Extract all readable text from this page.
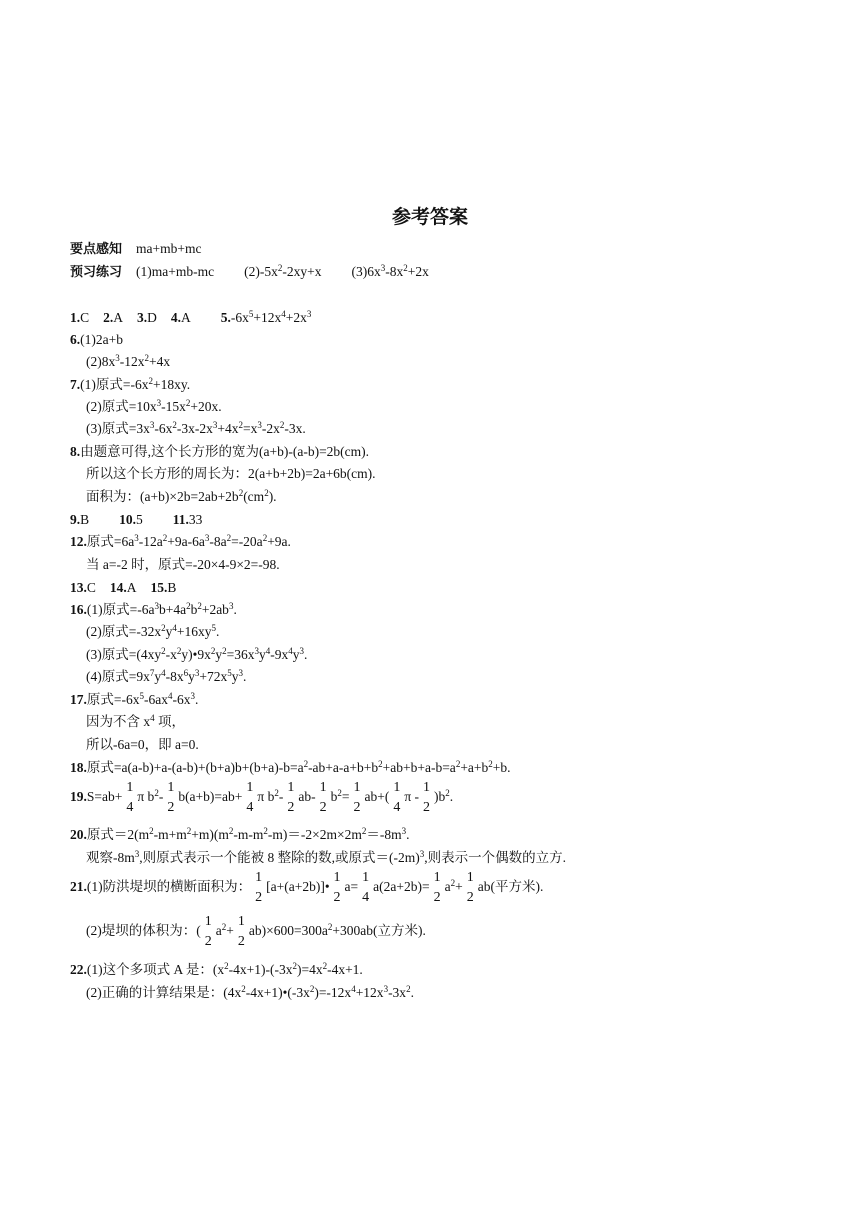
参考答案
要点感知 ma+mb+mc
预习练习 (1)ma+mb-mc $(2)-5x^2-2xy+x$ $(3)6x^3-8x^2+2x$
1.C 2.A 3.D 4.A $5.-6x^5+12x^4+2x^3$
6.(1)2a+b
$(2)8x^3-12x^2+4x$
7.(1)原式$=-6x^2+18xy$.
(2)原式$=10x^3-15x^2+20x$.
(3)原式$=3x^3-6x^2-3x-2x^3+4x^2=x^3-2x^2-3x$.
8.由题意可得,这个长方形的宽为(a+b)-(a-b)=2b(cm).
所以这个长方形的周长为：2(a+b+2b)=2a+6b(cm).
面积为：$(a+b)\times 2b=2ab+2b^2(cm^2)$.
9.B 10.5 11.33
12.原式$=6a^3-12a^2+9a-6a^3-8a^2=-20a^2+9a$.
当 a=-2 时，原式=-20×4-9×2=-98.
13.C 14.A 15.B
16.(1)原式$=-6a^3b+4a^2b^2+2ab^3$.
(2)原式$=-32x^2y^4+16xy^5$.
(3)原式$=(4xy^2-x^2y)•9x^2y^2=36x^3y^4-9x^4y^3$.
(4)原式$=9x^7y^4-8x^6y^3+72x^5y^3$.
17.原式$=-6x^5-6ax^4-6x^3$.
因为不含 $x^4$ 项，
所以-6a=0，即 a=0.
18.原式$=a(a-b)+a-(a-b)+(b+a)b+(b+a)-b=a^2-ab+a-a+b+b^2+ab+b+a-b=a^2+a+b^2+b$.
19.S=ab+
1
4
π $b^2-$
1
2
b(a+b)=ab+
1
4
π $b^2-$
1
2
ab-
1
2
$b^2=$
1
2
ab+(
1
4
π -
1
2
)$b^2$.
20.原式$=2(m^2-m+m^2+m)(m^2-m-m^2-m)=-2\times 2m\times 2m^2=-8m^3$.
观察$-8m^3$,则原式表示一个能被 8 整除的数,或原式$=(-2m)^3$,则表示一个偶数的立方.
21.(1)防洪堤坝的横断面积为：
1
2
[a+(a+2b)]•
1
2
a=
1
4
a(2a+2b)=
1
2
$a^2+$
1
2
ab(平方米).
(2)堤坝的体积为：(
1
2
$a^2+$
1
2
$ab)\times 600=300a^2+300ab$(立方米).
22.(1)这个多项式 A 是：$(x^2-4x+1)-(-3x^2)=4x^2-4x+1$.
(2)正确的计算结果是：$(4x^2-4x+1)•(-3x^2)=-12x^4+12x^3-3x^2$.
